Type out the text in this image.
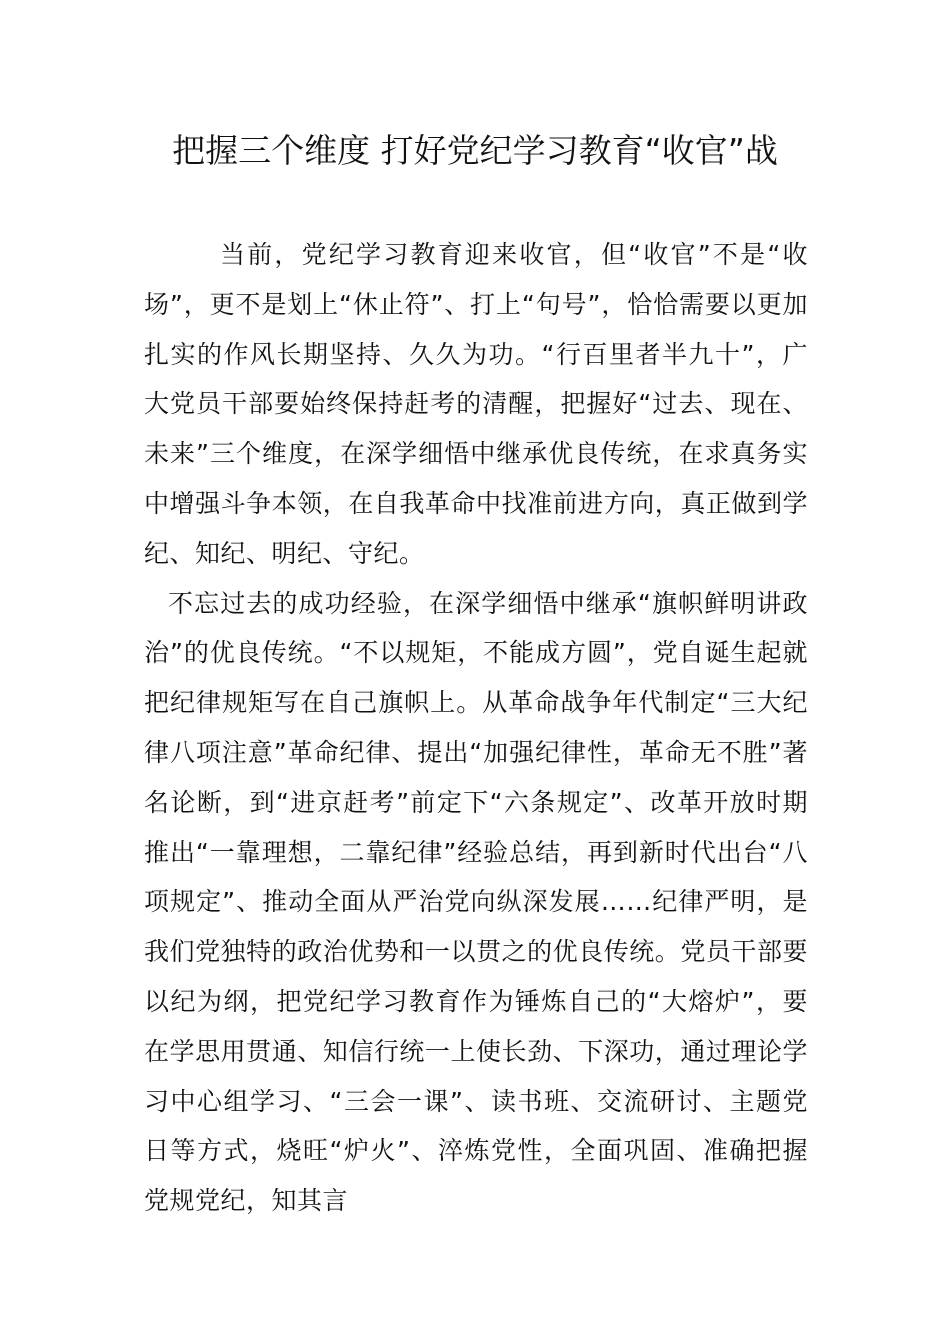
把握三个维度 打好党纪学习教育“收官”战

当前，党纪学习教育迎来收官，但“收官”不是“收场”，更不是划上“休止符”、打上“句号”，恰恰需要以更加扎实的作风长期坚持、久久为功。“行百里者半九十”，广大党员干部要始终保持赶考的清醒，把握好“过去、现在、未来”三个维度，在深学细悟中继承优良传统，在求真务实中增强斗争本领，在自我革命中找准前进方向，真正做到学纪、知纪、明纪、守纪。

不忘过去的成功经验，在深学细悟中继承“旗帜鲜明讲政治”的优良传统。“不以规矩，不能成方圆”，党自诞生起就把纪律规矩写在自己旗帜上。从革命战争年代制定“三大纪律八项注意”革命纪律、提出“加强纪律性，革命无不胜”著名论断，到“进京赶考”前定下“六条规定”、改革开放时期推出“一靠理想，二靠纪律”经验总结，再到新时代出台“八项规定”、推动全面从严治党向纵深发展……纪律严明，是我们党独特的政治优势和一以贯之的优良传统。党员干部要以纪为纲，把党纪学习教育作为锤炼自己的“大熔炉”，要在学思用贯通、知信行统一上使长劲、下深功，通过理论学习中心组学习、“三会一课”、读书班、交流研讨、主题党日等方式，烧旺“炉火”、淬炼党性，全面巩固、准确把握党规党纪，知其言
